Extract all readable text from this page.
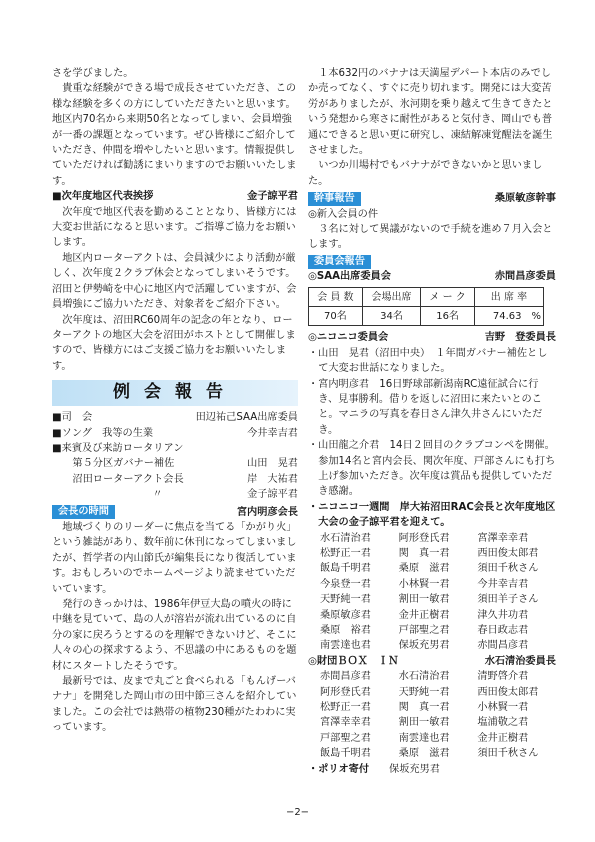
さを学びました。

貴重な経験ができる場で成長させていただき、この様な経験を多くの方にしていただきたいと思います。地区内70名から来期50名となってしまい、会員増強が一番の課題となっています。ぜひ皆様にご紹介していただき、仲間を増やしたいと思います。情報提供していただければ勧誘にまいりますのでお願いいたします。

■次年度地区代表挨拶	金子諒平君

次年度で地区代表を勤めることとなり、皆様方には大変お世話になると思います。ご指導ご協力をお願いします。

地区内ローターアクトは、会員減少により活動が厳しく、次年度２クラブ休会となってしまいそうです。沼田と伊勢崎を中心に地区内で活躍していますが、会員増強にご協力いただき、対象者をご紹介下さい。

次年度は、沼田RC60周年の記念の年となり、ローターアクトの地区大会を沼田がホストとして開催しますので、皆様方にはご支援ご協力をお願いいたします。

例会報告
■司　会	田辺祐己SAA出席委員
■ソング　我等の生業	今井幸吉君
■来賓及び来訪ロータリアン
第５分区ガバナー補佐	山田　晃君
沼田ローターアクト会長	岸　大祐君
〃	金子諒平君
会長の時間	宮内明彦会長

地域づくりのリーダーに焦点を当てる「かがり火」という雑誌があり、数年前に休刊になってしまいましたが、哲学者の内山節氏が編集長になり復活しています。おもしろいのでホームページより読ませていただいています。

発行のきっかけは、1986年伊豆大島の噴火の時に中継を見ていて、島の人が溶岩が流れ出ているのに自分の家に戻ろうとするのを理解できないけど、そこに人々の心の探求するよう、不思議の中にあるものを題材にスタートしたそうです。

最新号では、皮まで丸ごと食べられる「もんげーバナナ」を開発した岡山市の田中節三さんを紹介していました。この会社では熱帯の植物230種がたわわに実っています。

１本632円のバナナは天満屋デパート本店のみでしか売ってなく、すぐに売り切れます。開発には大変苦労がありましたが、氷河期を乗り越えて生きてきたという発想から寒さに耐性があると気付き、岡山でも普通にできると思い更に研究し、凍結解凍覚醒法を誕生させました。

いつか川場村でもバナナができないかと思いました。

幹事報告	桑原敏彦幹事

◎新入会員の件

３名に対して異議がないので手続を進め７月入会とします。

委員会報告
◎SAA出席委員会	赤間昌彦委員
会 員 数	会場出席	メ ー ク	出 席 率
70名	34名	16名	74.63　%
◎ニコニコ委員会	吉野　登委員長

・山田　晃君（沼田中央）　１年間ガバナー補佐として大変お世話になりました。

・宮内明彦君　16日野球部新潟南RC遠征試合に行き、見事勝利。借りを返しに沼田に来たいとのこと。マニラの写真を春日さん津久井さんにいただき。

・山田龍之介君　14日２回目のクラブコンペを開催。参加14名と宮内会長、関次年度、戸部さんにも打ち上げ参加いただき。次年度は賞品も提供していただき感謝。

・ニコニコ一週間　岸大祐沼田RAC会長と次年度地区大会の金子諒平君を迎えて。

水石清治君	阿形登氏君	宮澤幸幸君
松野正一君	関　真一君	西田俊太郎君
飯島千明君	桑原　滋君	須田千秋さん
今泉登一君	小林賢一君	今井幸吉君
天野純一君	割田一敏君	須田羊子さん
桑原敏彦君	金井正樹君	津久井功君
桑原　裕君	戸部聖之君	春日政志君
南雲達也君	保坂充男君	赤間昌彦君
◎財団ＢＯＸ　ＩＮ	水石清治委員長
赤間昌彦君	水石清治君	清野啓介君
阿形登氏君	天野純一君	西田俊太郎君
松野正一君	関　真一君	小林賢一君
宮澤幸幸君	割田一敏君	塩浦敬之君
戸部聖之君	南雲達也君	金井正樹君
飯島千明君	桑原　滋君	須田千秋さん
・ポリオ寄付 保坂充男君
−2−
